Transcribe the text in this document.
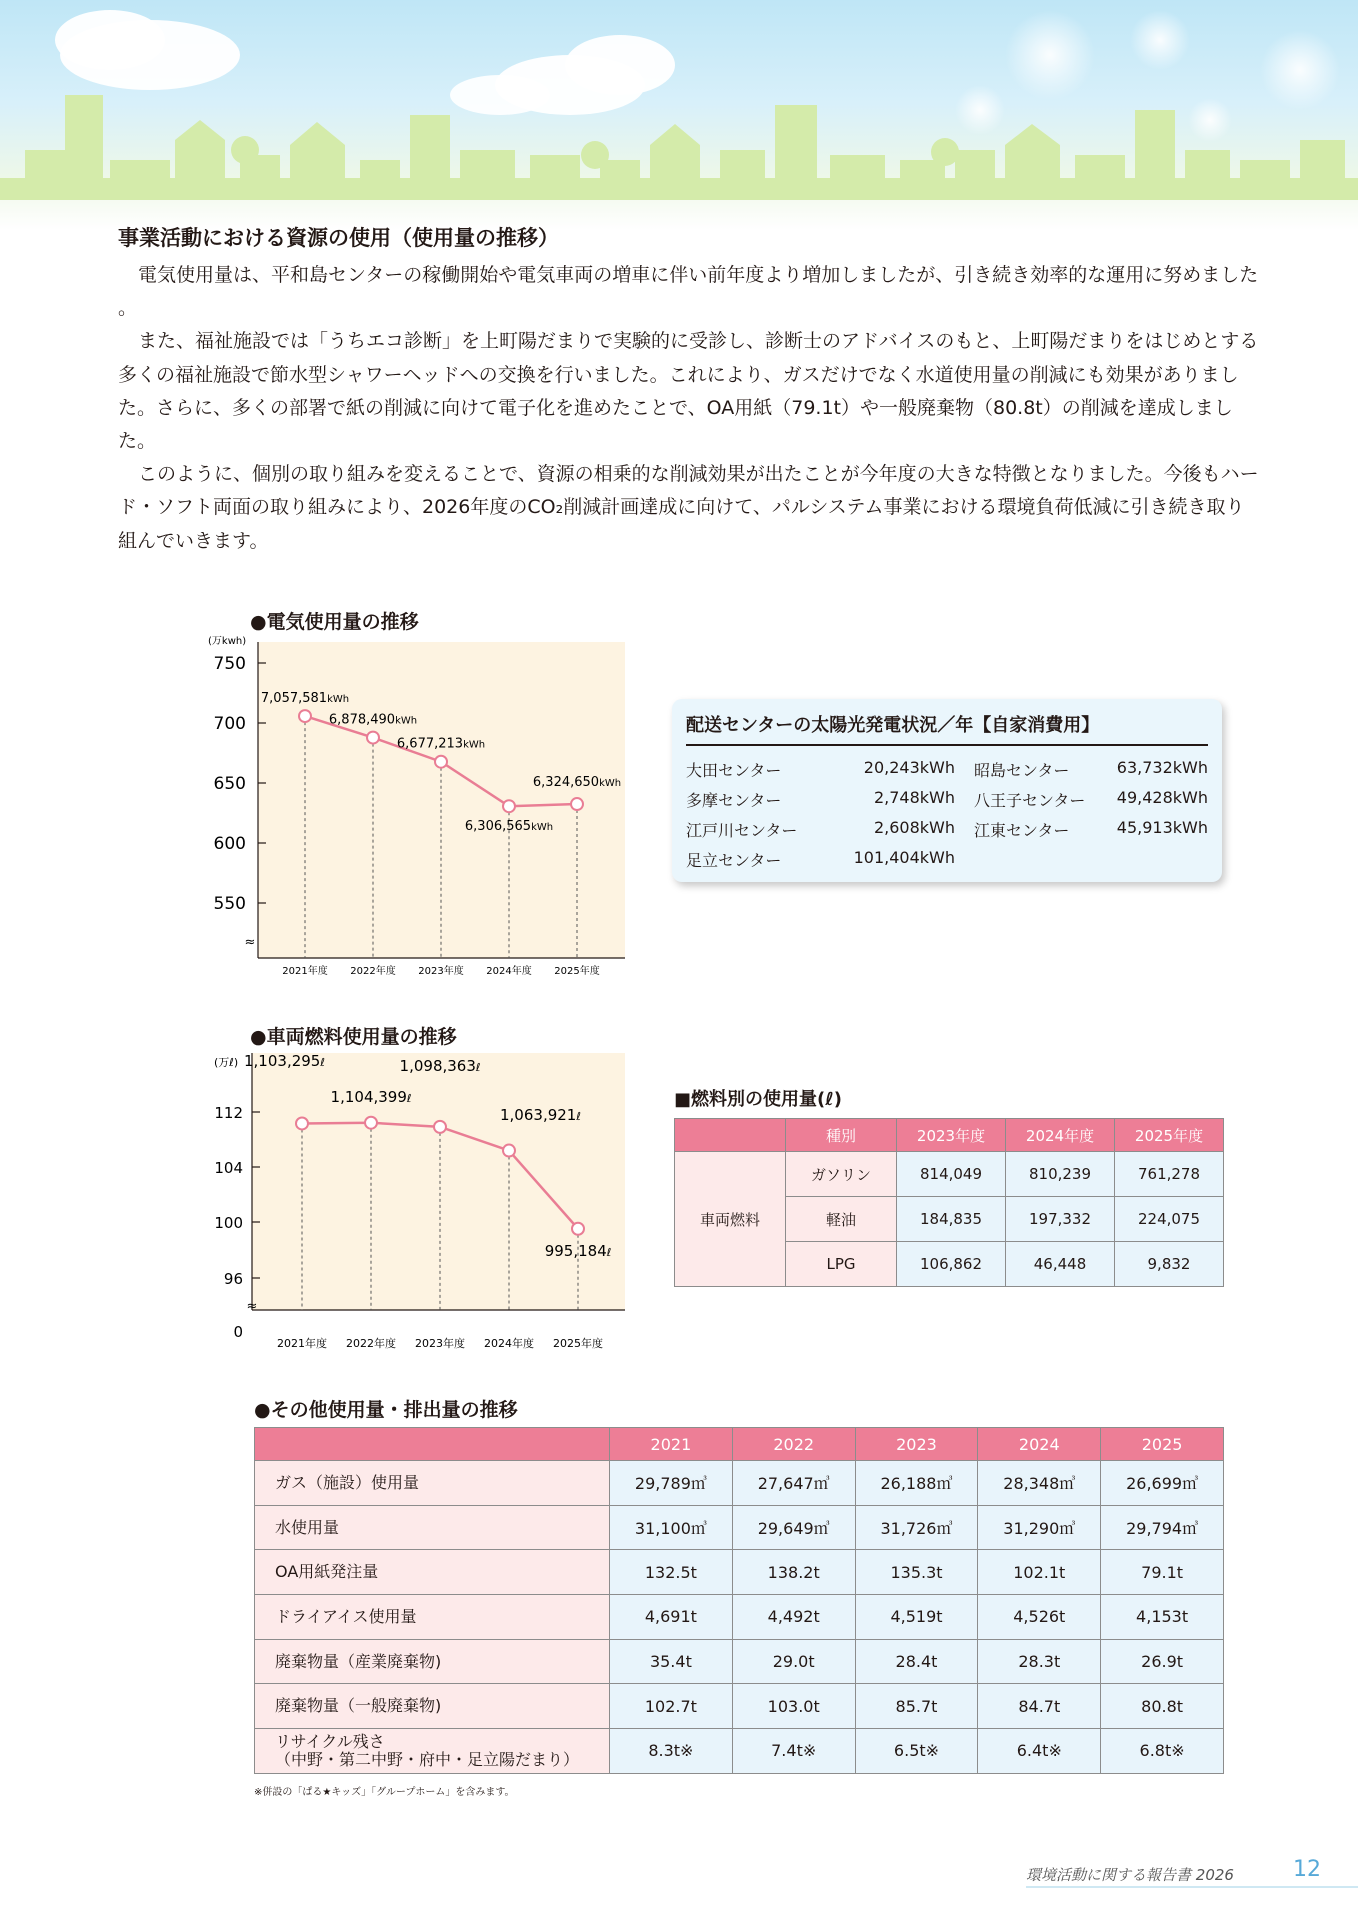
事業活動における資源の使用（使用量の推移）

電気使用量は、平和島センターの稼働開始や電気車両の増車に伴い前年度より増加しましたが、引き続き効率的な運用に努めました 。

また、福祉施設では「うちエコ診断」を上町陽だまりで実験的に受診し、診断士のアドバイスのもと、上町陽だまりをはじめとする多くの福祉施設で節水型シャワーヘッドへの交換を行いました。これにより、ガスだけでなく水道使用量の削減にも効果がありました。さらに、多くの部署で紙の削減に向けて電子化を進めたことで、OA用紙（79.1t）や一般廃棄物（80.8t）の削減を達成しました。

このように、個別の取り組みを変えることで、資源の相乗的な削減効果が出たことが今年度の大きな特徴となりました。今後もハード・ソフト両面の取り組みにより、2026年度のCO₂削減計画達成に向けて、パルシステム事業における環境負荷低減に引き続き取り組んでいきます。

●電気使用量の推移
(万kwh)
750
700
650
600
550
≈
7,057,581kWh
6,878,490kWh
6,677,213kWh
6,306,565kWh
6,324,650kWh
2021年度 2022年度 2023年度 2024年度 2025年度
配送センターの太陽光発電状況／年【自家消費用】
大田センター	20,243kWh
多摩センター	2,748kWh
江戸川センター	2,608kWh
足立センター	101,404kWh
昭島センター	63,732kWh
八王子センター	49,428kWh
江東センター	45,913kWh
●車両燃料使用量の推移
(万ℓ)
112
104
100
96
0
≈
1,103,295ℓ
1,104,399ℓ
1,098,363ℓ
1,063,921ℓ
995,184ℓ
2021年度 2022年度 2023年度 2024年度 2025年度
■燃料別の使用量(ℓ)
	種別	2023年度	2024年度	2025年度
車両燃料	ガソリン	814,049	810,239	761,278
	軽油	184,835	197,332	224,075
	LPG	106,862	46,448	9,832
●その他使用量・排出量の推移
	2021	2022	2023	2024	2025
ガス（施設）使用量	29,789㎥	27,647㎥	26,188㎥	28,348㎥	26,699㎥
水使用量	31,100㎥	29,649㎥	31,726㎥	31,290㎥	29,794㎥
OA用紙発注量	132.5t	138.2t	135.3t	102.1t	79.1t
ドライアイス使用量	4,691t	4,492t	4,519t	4,526t	4,153t
廃棄物量（産業廃棄物)	35.4t	29.0t	28.4t	28.3t	26.9t
廃棄物量（一般廃棄物)	102.7t	103.0t	85.7t	84.7t	80.8t
リサイクル残さ
（中野・第二中野・府中・足立陽だまり）	8.3t※	7.4t※	6.5t※	6.4t※	6.8t※

※併設の「ぱる★キッズ」「グループホーム」を含みます。

環境活動に関する報告書 2026	12
